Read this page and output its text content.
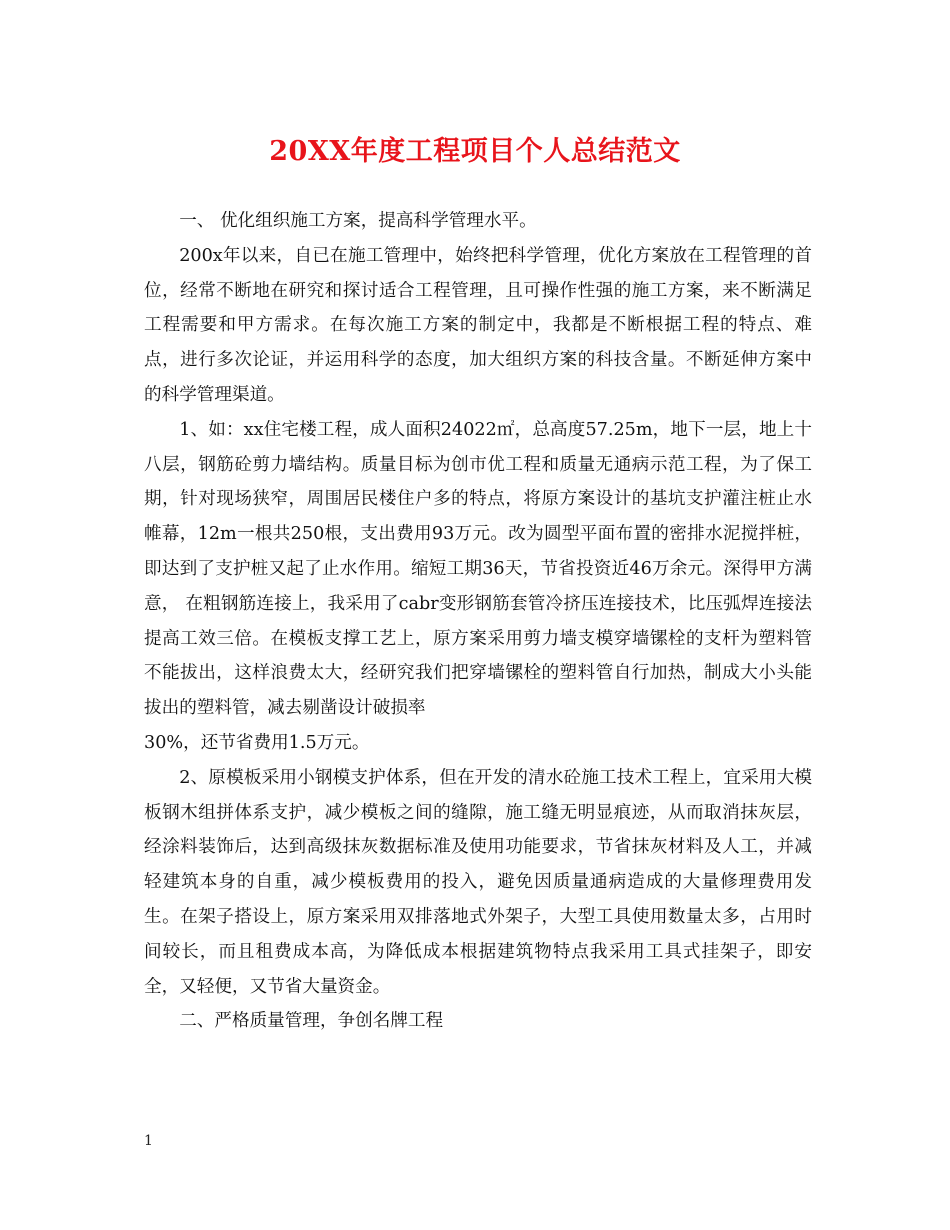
20XX年度工程项目个人总结范文

一、 优化组织施工方案，提高科学管理水平。

200x年以来，自已在施工管理中，始终把科学管理，优化方案放在工程管理的首位，经常不断地在研究和探讨适合工程管理，且可操作性强的施工方案，来不断满足工程需要和甲方需求。在每次施工方案的制定中，我都是不断根据工程的特点、难点，进行多次论证，并运用科学的态度，加大组织方案的科技含量。不断延伸方案中的科学管理渠道。

1、如：xx住宅楼工程，成人面积24022㎡，总高度57.25m，地下一层，地上十八层，钢筋砼剪力墙结构。质量目标为创市优工程和质量无通病示范工程，为了保工期，针对现场狭窄，周围居民楼住户多的特点，将原方案设计的基坑支护灌注桩止水帷幕，12m一根共250根，支出费用93万元。改为圆型平面布置的密排水泥搅拌桩，即达到了支护桩又起了止水作用。缩短工期36天，节省投资近46万余元。深得甲方满意， 在粗钢筋连接上，我采用了cabr变形钢筋套管冷挤压连接技术，比压弧焊连接法提高工效三倍。在模板支撑工艺上，原方案采用剪力墙支模穿墙镙栓的支杆为塑料管不能拔出，这样浪费太大，经研究我们把穿墙镙栓的塑料管自行加热，制成大小头能拔出的塑料管，减去剔凿设计破损率

30%，还节省费用1.5万元。

2、原模板采用小钢模支护体系，但在开发的清水砼施工技术工程上，宜采用大模板钢木组拼体系支护，减少模板之间的缝隙，施工缝无明显痕迹，从而取消抹灰层，经涂料装饰后，达到高级抹灰数据标准及使用功能要求，节省抹灰材料及人工，并减轻建筑本身的自重，减少模板费用的投入，避免因质量通病造成的大量修理费用发生。在架子搭设上，原方案采用双排落地式外架子，大型工具使用数量太多，占用时间较长，而且租费成本高，为降低成本根据建筑物特点我采用工具式挂架子，即安全，又轻便，又节省大量资金。

二、严格质量管理，争创名牌工程

1
